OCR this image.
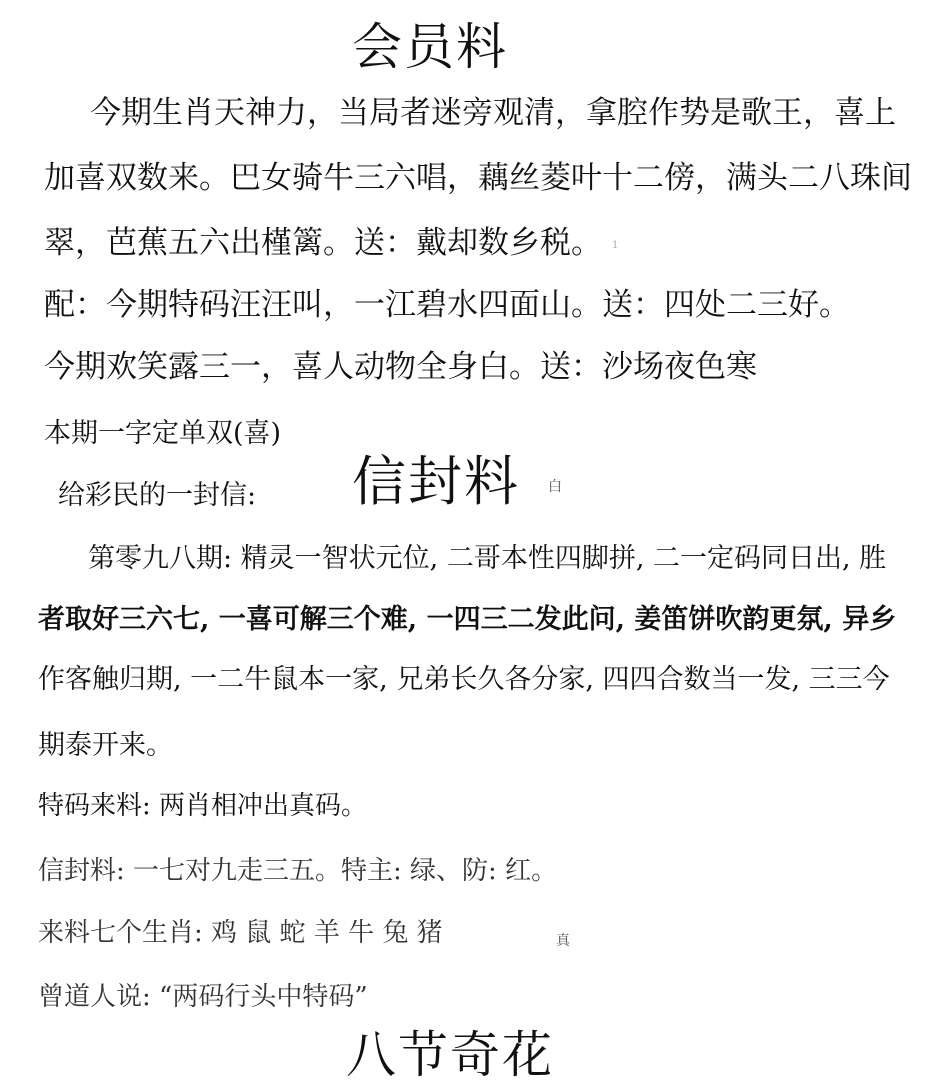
会员料
今期生肖天神力，当局者迷旁观清，拿腔作势是歌王，喜上
加喜双数来。巴女骑牛三六唱，藕丝菱叶十二傍，满头二八珠间
翠，芭蕉五六出槿篱。送：戴却数乡税。 1
配：今期特码汪汪叫，一江碧水四面山。送：四处二三好。
今期欢笑露三一，喜人动物全身白。送：沙场夜色寒
本期一字定单双(喜)
给彩民的一封信: 信封料 白
第零九八期: 精灵一智状元位, 二哥本性四脚拼, 二一定码同日出, 胜
者取好三六七, 一喜可解三个难, 一四三二发此问, 姜笛饼吹韵更氛, 异乡
作客触归期, 一二牛鼠本一家, 兄弟长久各分家, 四四合数当一发, 三三今
期泰开来。
特码来料: 两肖相冲出真码。
信封料: 一七对九走三五。特主: 绿、防: 红。
来料七个生肖: 鸡 鼠 蛇 羊 牛 兔 猪	真
曾道人说: “两码行头中特码”
八节奇花
